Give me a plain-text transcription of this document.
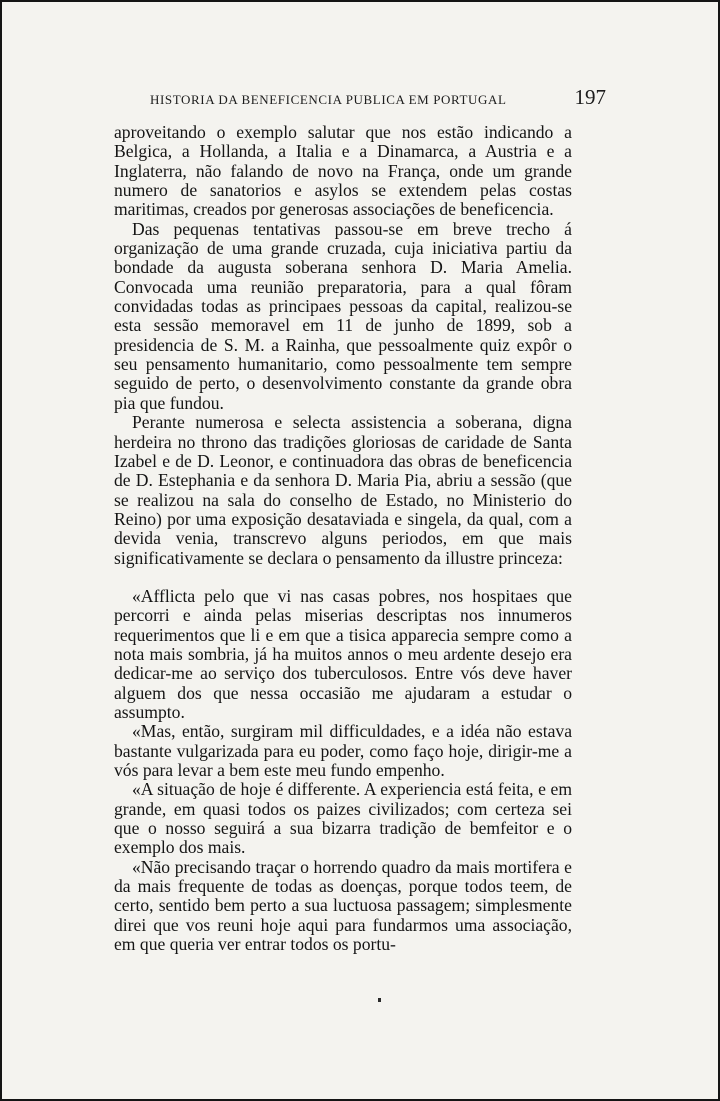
HISTORIA DA BENEFICENCIA PUBLICA EM PORTUGAL	197

aproveitando o exemplo salutar que nos estão indicando a Belgica, a Hollanda, a Italia e a Dinamarca, a Austria e a Inglaterra, não falando de novo na França, onde um grande numero de sanatorios e asylos se extendem pelas costas maritimas, creados por generosas associações de beneficencia.

Das pequenas tentativas passou-se em breve trecho á organização de uma grande cruzada, cuja iniciativa partiu da bondade da augusta soberana senhora D. Maria Amelia. Convocada uma reunião preparatoria, para a qual fôram convidadas todas as principaes pessoas da capital, realizou-se esta sessão memoravel em 11 de junho de 1899, sob a presidencia de S. M. a Rainha, que pessoalmente quiz expôr o seu pensamento humanitario, como pessoalmente tem sempre seguido de perto, o desenvolvimento constante da grande obra pia que fundou.

Perante numerosa e selecta assistencia a soberana, digna herdeira no throno das tradições gloriosas de caridade de Santa Izabel e de D. Leonor, e continuadora das obras de beneficencia de D. Estephania e da senhora D. Maria Pia, abriu a sessão (que se realizou na sala do conselho de Estado, no Ministerio do Reino) por uma exposição desataviada e singela, da qual, com a devida venia, transcrevo alguns periodos, em que mais significativamente se declara o pensamento da illustre princeza:

«Afflicta pelo que vi nas casas pobres, nos hospitaes que percorri e ainda pelas miserias descriptas nos innumeros requerimentos que li e em que a tisica apparecia sempre como a nota mais sombria, já ha muitos annos o meu ardente desejo era dedicar-me ao serviço dos tuberculosos. Entre vós deve haver alguem dos que nessa occasião me ajudaram a estudar o assumpto.

«Mas, então, surgiram mil difficuldades, e a idéa não estava bastante vulgarizada para eu poder, como faço hoje, dirigir-me a vós para levar a bem este meu fundo empenho.

«A situação de hoje é differente. A experiencia está feita, e em grande, em quasi todos os paizes civilizados; com certeza sei que o nosso seguirá a sua bizarra tradição de bemfeitor e o exemplo dos mais.

«Não precisando traçar o horrendo quadro da mais mortifera e da mais frequente de todas as doenças, porque todos teem, de certo, sentido bem perto a sua luctuosa passagem; simplesmente direi que vos reuni hoje aqui para fundarmos uma associação, em que queria ver entrar todos os portu-
